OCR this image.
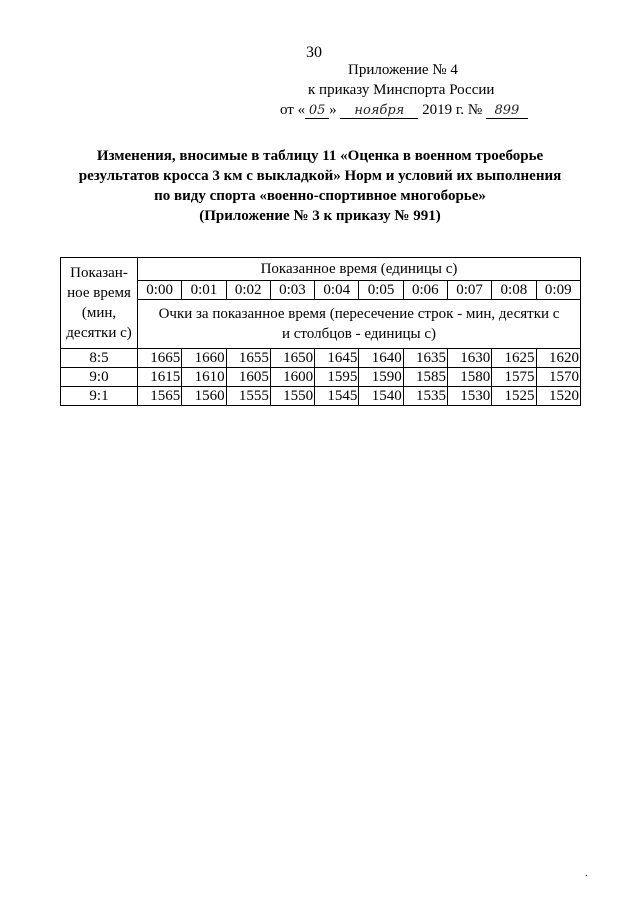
30
Приложение № 4
к приказу Минспорта России
от « 05 » ноября 2019 г. № 899
Изменения, вносимые в таблицу 11 «Оценка в военном троеборье
результатов кросса 3 км с выкладкой» Норм и условий их выполнения
по виду спорта «военно-спортивное многоборье»
(Приложение № 3 к приказу № 991)
Показан-
ное время
(мин,
десятки с)	Показанное время (единицы с)									
	0:00	0:01	0:02	0:03	0:04	0:05	0:06	0:07	0:08	0:09

	Очки за показанное время (пересечение строк - мин, десятки с
и столбцов - единицы с)									

8:5	1665	1660	1655	1650	1645	1640	1635	1630	1625	1620
9:0	1615	1610	1605	1600	1595	1590	1585	1580	1575	1570
9:1	1565	1560	1555	1550	1545	1540	1535	1530	1525	1520
.
